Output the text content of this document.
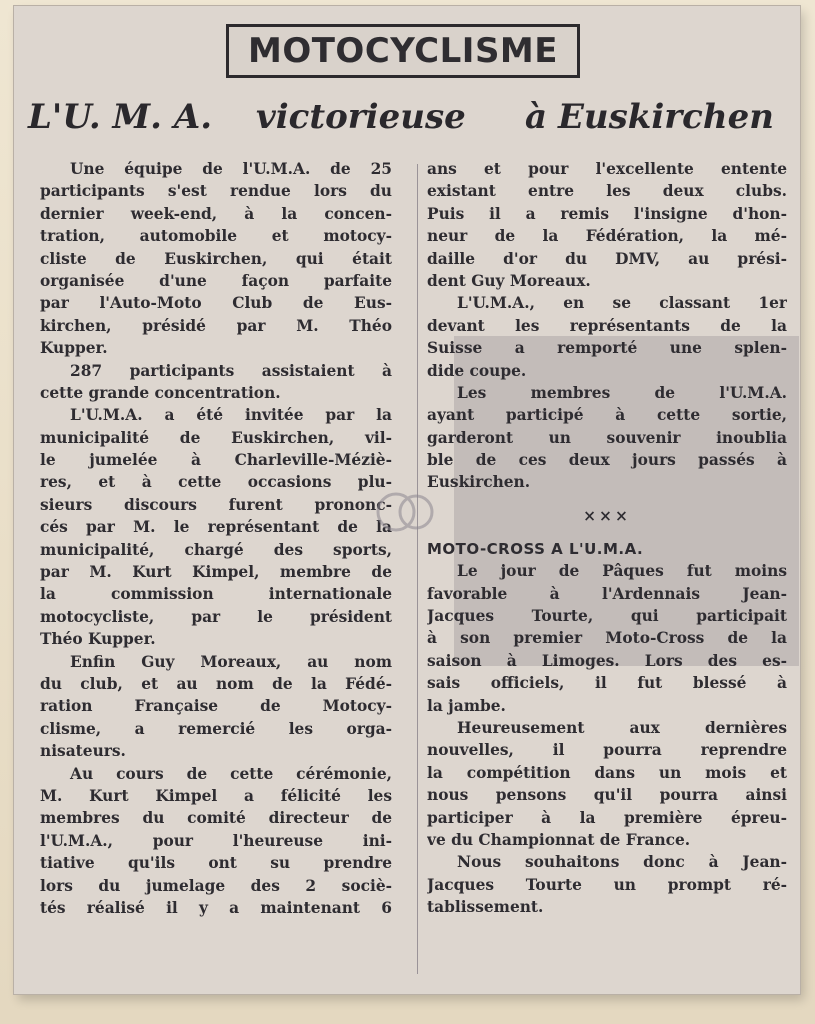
MOTOCYCLISME
L'U. M. A. victorieuse à Euskirchen
Une équipe de l'U.M.A. de 25
participants s'est rendue lors du
dernier week-end, à la concen-
tration, automobile et motocy-
cliste de Euskirchen, qui était
organisée d'une façon parfaite
par l'Auto-Moto Club de Eus-
kirchen, présidé par M. Théo
Kupper.
287 participants assistaient à
cette grande concentration.
L'U.M.A. a été invitée par la
municipalité de Euskirchen, vil-
le jumelée à Charleville-Méziè-
res, et à cette occasions plu-
sieurs discours furent prononc-
cés par M. le représentant de la
municipalité, chargé des sports,
par M. Kurt Kimpel, membre de
la commission internationale
motocycliste, par le président
Théo Kupper.
Enfin Guy Moreaux, au nom
du club, et au nom de la Fédé-
ration Française de Motocy-
clisme, a remercié les orga-
nisateurs.
Au cours de cette cérémonie,
M. Kurt Kimpel a félicité les
membres du comité directeur de
l'U.M.A., pour l'heureuse ini-
tiative qu'ils ont su prendre
lors du jumelage des 2 sociè-
tés réalisé il y a maintenant 6
ans et pour l'excellente entente
existant entre les deux clubs.
Puis il a remis l'insigne d'hon-
neur de la Fédération, la mé-
daille d'or du DMV, au prési-
dent Guy Moreaux.
L'U.M.A., en se classant 1er
devant les représentants de la
Suisse a remporté une splen-
dide coupe.
Les membres de l'U.M.A.
ayant participé à cette sortie,
garderont un souvenir inoublia
ble de ces deux jours passés à
Euskirchen.
×××
MOTO-CROSS A L'U.M.A.
Le jour de Pâques fut moins
favorable à l'Ardennais Jean-
Jacques Tourte, qui participait
à son premier Moto-Cross de la
saison à Limoges. Lors des es-
sais officiels, il fut blessé à
la jambe.
Heureusement aux dernières
nouvelles, il pourra reprendre
la compétition dans un mois et
nous pensons qu'il pourra ainsi
participer à la première épreu-
ve du Championnat de France.
Nous souhaitons donc à Jean-
Jacques Tourte un prompt ré-
tablissement.
